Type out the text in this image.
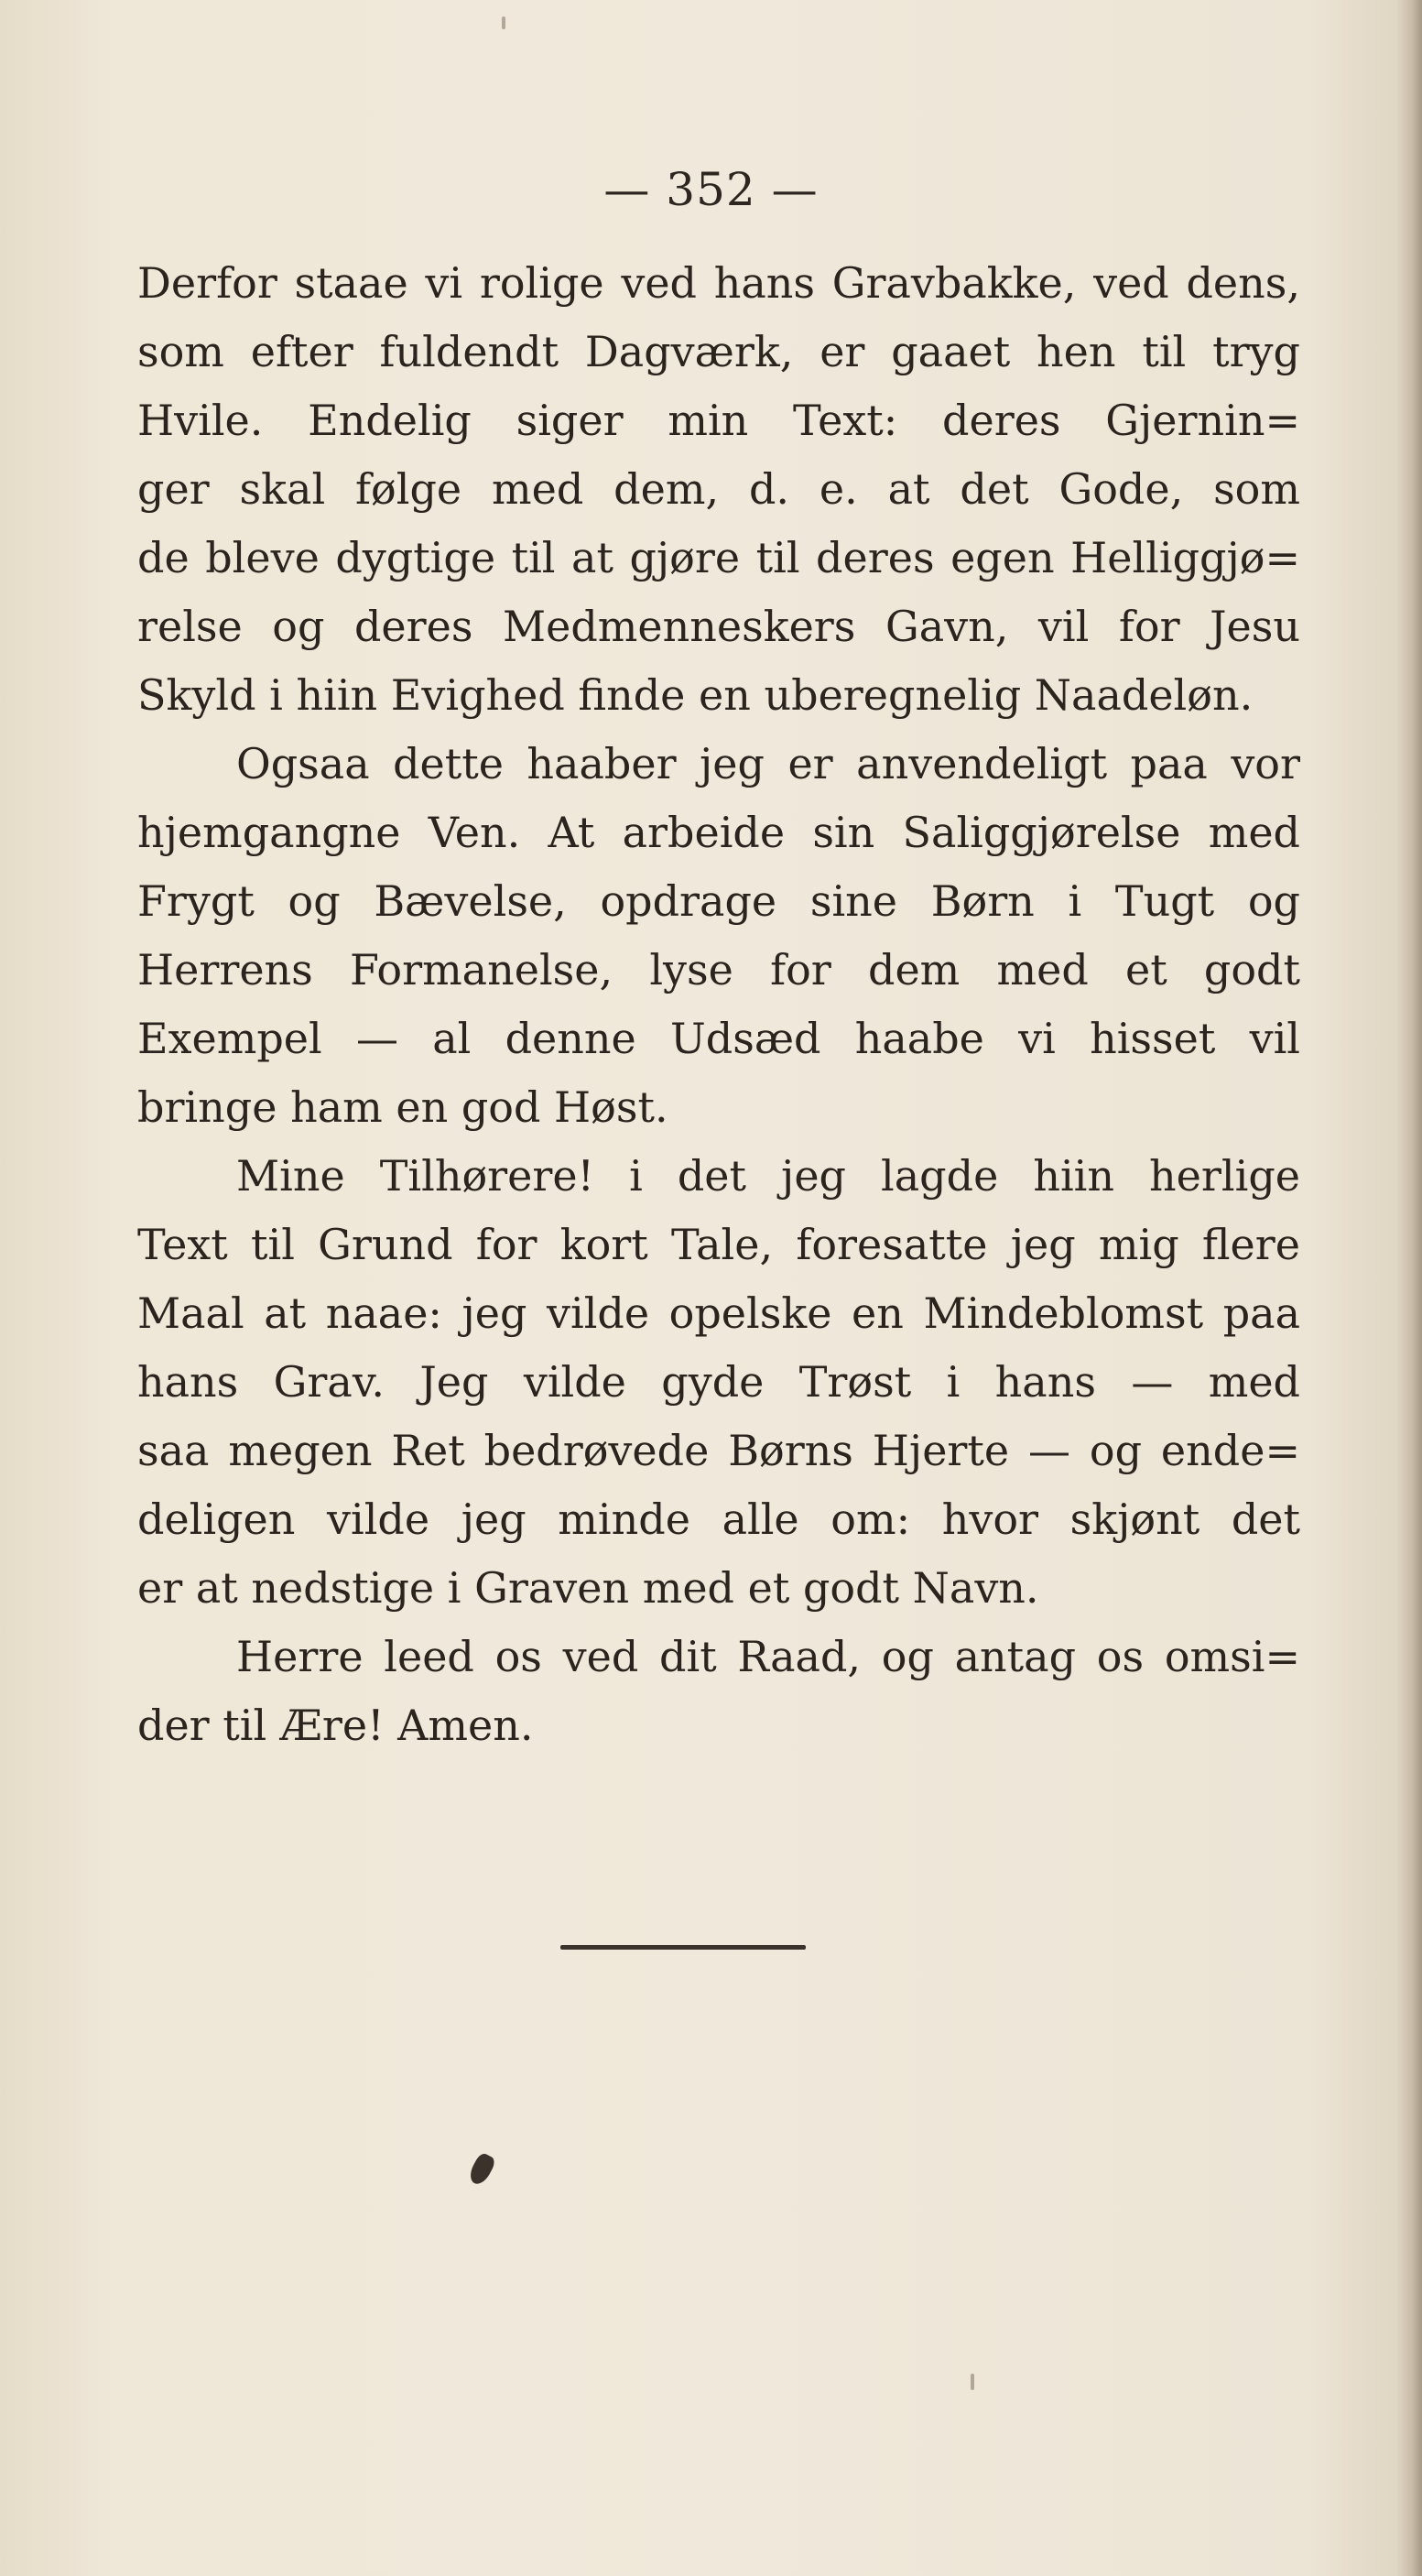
— 352 —

Derfor staae vi rolige ved hans Gravbakke, ved dens,
som efter fuldendt Dagværk, er gaaet hen til tryg
Hvile. Endelig siger min Text: deres Gjernin=
ger skal følge med dem, d. e. at det Gode, som
de bleve dygtige til at gjøre til deres egen Helliggjø=
relse og deres Medmenneskers Gavn, vil for Jesu
Skyld i hiin Evighed finde en uberegnelig Naadeløn.

Ogsaa dette haaber jeg er anvendeligt paa vor
hjemgangne Ven. At arbeide sin Saliggjørelse med
Frygt og Bævelse, opdrage sine Børn i Tugt og
Herrens Formanelse, lyse for dem med et godt
Exempel — al denne Udsæd haabe vi hisset vil
bringe ham en god Høst.

Mine Tilhørere! i det jeg lagde hiin herlige
Text til Grund for kort Tale, foresatte jeg mig flere
Maal at naae: jeg vilde opelske en Mindeblomst paa
hans Grav. Jeg vilde gyde Trøst i hans — med
saa megen Ret bedrøvede Børns Hjerte — og ende=
deligen vilde jeg minde alle om: hvor skjønt det
er at nedstige i Graven med et godt Navn.

Herre leed os ved dit Raad, og antag os omsi=
der til Ære! Amen.
